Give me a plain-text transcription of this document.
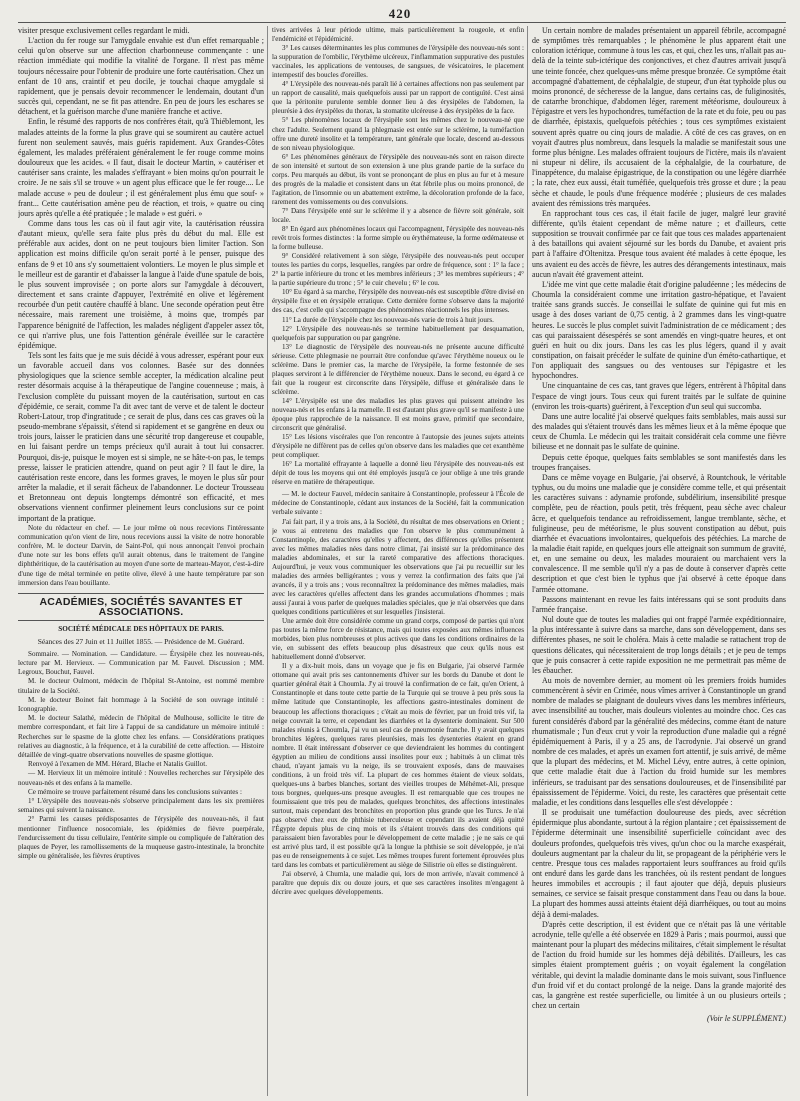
420

visiter presque exclusivement celles regardant le midi.

L'action du fer rouge sur l'amygdale envahie est d'un effet remarquable ; celui qu'on observe sur une affection charbonneuse commençante : une réaction immédiate qui modifie la vitalité de l'organe. Il n'est pas même toujours nécessaire pour l'obtenir de produire une forte cautérisation. Chez un enfant de 10 ans, craintif et peu docile, je touchai chaque amygdale si rapidement, que je pensais devoir recommencer le lendemain, doutant d'un succès qui, cependant, ne se fit pas attendre. En peu de jours les eschares se détachent, et la guérison marche d'une manière franche et active.

Enfin, le résumé des rapports de nos confrères était, qu'à Thiéblemont, les malades atteints de la forme la plus grave qui se soumirent au cautère actuel furent non seulement sauvés, mais guéris rapidement. Aux Grandes-Côtes également, les malades préféraient généralement le fer rouge comme moins douloureux que les acides. « Il faut, disait le docteur Martin, » cautériser et cautériser sans crainte, les malades s'effrayant » bien moins qu'on pourrait le croire. Je ne sais s'il se trouve » un agent plus efficace que le fer rouge.... Le malade accuse » peu de douleur ; il est généralement plus ému que souf- » frant... Cette cautérisation amène peu de réaction, et trois, » quatre ou cinq jours après qu'elle a été pratiquée ; le malade » est guéri. »

Comme dans tous les cas où il faut agir vite, la cautérisation réussira d'autant mieux, qu'elle sera faite plus près du début du mal. Elle est préférable aux acides, dont on ne peut toujours bien limiter l'action. Son application est moins difficile qu'on serait porté à le penser, puisque des enfans de 9 et 10 ans s'y soumettaient volontiers. Le moyen le plus simple et le meilleur est de garantir et d'abaisser la langue à l'aide d'une spatule de bois, le plus souvent improvisée ; on porte alors sur l'amygdale à découvert, directement et sans crainte d'appuyer, l'extrémité en olive et légèrement recourbée d'un petit cautère chauffé à blanc. Une seconde opération peut être nécessaire, mais rarement une troisième, à moins que, trompés par l'apparence bénignité de l'affection, les malades négligent d'appeler assez tôt, ce qui n'arrive plus, une fois l'attention générale éveillée sur le caractère épidémique.

Tels sont les faits que je me suis décidé à vous adresser, espérant pour eux un favorable accueil dans vos colonnes. Basée sur des données physiologiques que la science semble accepter, la médication alcaline peut rester désormais acquise à la thérapeutique de l'angine couenneuse ; mais, à l'exclusion complète du puissant moyen de la cautérisation, surtout en cas d'épidémie, ce serait, comme l'a dit avec tant de verve et de talent le docteur Robert-Latour, trop d'ingratitude ; ce serait de plus, dans ces cas graves où la pseudo-membrane s'épaissit, s'étend si rapidement et se gangrène en deux ou trois jours, laisser le praticien dans une sécurité trop dangereuse et coupable, en lui faisant perdre un temps précieux qu'il aurait à tout lui consacrer. Pourquoi, dis-je, puisque le moyen est si simple, ne se hâte-t-on pas, le temps presse, laisser le praticien attendre, quand on peut agir ? Il faut le dire, la cautérisation reste encore, dans les formes graves, le moyen le plus sûr pour arrêter la maladie, et il serait fâcheux de l'abandonner. Le docteur Trousseau et Bretonneau ont depuis longtemps démontré son efficacité, et mes observations viennent confirmer pleinement leurs conclusions sur ce point important de la pratique.

Note du rédacteur en chef. — Le jour même où nous recevions l'intéressante communication qu'on vient de lire, nous recevions aussi la visite de notre honorable confrère, M. le docteur Darvin, de Saint-Pol, qui nous annonçait l'envoi prochain d'une note sur les bons effets qu'il aurait obtenus, dans le traitement de l'angine diphthéritique, de la cautérisation au moyen d'une sorte de marteau-Mayor, c'est-à-dire d'une tige de métal terminée en petite olive, élevé à une haute température par son immersion dans l'eau bouillante.

ACADÉMIES, SOCIÉTÉS SAVANTES ET ASSOCIATIONS.

SOCIÉTÉ MÉDICALE DES HÔPITAUX DE PARIS.

Séances des 27 Juin et 11 Juillet 1855. — Présidence de M. Guérard.

Sommaire. — Nomination. — Candidature. — Érysipèle chez les nouveau-nés, lecture par M. Hervieux. — Communication par M. Fauvel. Discussion ; MM. Legroux, Bouchut, Fauvel.

M. le docteur Oulmont, médecin de l'hôpital St-Antoine, est nommé membre titulaire de la Société.

M. le docteur Boinet fait hommage à la Société de son ouvrage intitulé : Iconographie.

M. le docteur Salathé, médecin de l'hôpital de Mulhouse, sollicite le titre de membre correspondant, et fait lire à l'appui de sa candidature un mémoire intitulé : Recherches sur le spasme de la glotte chez les enfans. — Considérations pratiques relatives au diagnostic, à la fréquence, et à la curabilité de cette affection. — Histoire détaillée de vingt-quatre observations nouvelles de spasme glottique.

Renvoyé à l'examen de MM. Hérard, Blache et Natalis Guillot.

— M. Hervieux lit un mémoire intitulé : Nouvelles recherches sur l'érysipèle des nouveau-nés et des enfans à la mamelle.

Ce mémoire se trouve parfaitement résumé dans les conclusions suivantes :

1° L'érysipèle des nouveau-nés s'observe principalement dans les six premières semaines qui suivent la naissance.

2° Parmi les causes prédisposantes de l'érysipèle des nouveau-nés, il faut mentionner l'influence nosocomiale, les épidémies de fièvre puerpérale, l'endurcissement du tissu cellulaire, l'entérite simple ou compliquée de l'altération des plaques de Peyer, les ramollissements de la muqueuse gastro-intestinale, la bronchite simple ou généralisée, les fièvres éruptives

tives arrivées à leur période ultime, mais particulièrement la rougeole, et enfin l'endémicité et l'épidémicité.

3° Les causes déterminantes les plus communes de l'érysipèle des nouveau-nés sont : la suppuration de l'ombilic, l'érythème ulcéreux, l'inflammation suppurative des pustules vaccinales, les applications de ventouses, de sangsues, de vésicatoires, le placement intempestif des boucles d'oreilles.

4° L'érysipèle des nouveau-nés paraît lié à certaines affections non pas seulement par un rapport de causalité, mais quelquefois aussi par un rapport de contiguïté. C'est ainsi que la péritonite purulente semble donner lieu à des érysipèles de l'abdomen, la pleurésie à des érysipèles du thorax, la stomatite ulcéreuse à des érysipèles de la face.

5° Les phénomènes locaux de l'érysipèle sont les mêmes chez le nouveau-né que chez l'adulte. Seulement quand la phlegmasie est entée sur le sclérème, la tuméfaction offre une dureté insolite et la température, tant générale que locale, descend au-dessous de son niveau physiologique.

6° Les phénomènes généraux de l'érysipèle des nouveau-nés sont en raison directe de son intensité et surtout de son extension à une plus grande partie de la surface du corps. Peu marqués au début, ils vont se prononçant de plus en plus au fur et à mesure des progrès de la maladie et consistent dans un état fébrile plus ou moins prononcé, de l'agitation, de l'insomnie ou un abattement extrême, la décoloration profonde de la face, rarement des vomissements ou des convulsions.

7° Dans l'érysipèle enté sur le sclérème il y a absence de fièvre soit générale, soit locale.

8° En égard aux phénomènes locaux qui l'accompagnent, l'érysipèle des nouveau-nés revêt trois formes distinctes : la forme simple ou érythémateuse, la forme œdémateuse et la forme bulleuse.

9° Considéré relativement à son siège, l'érysipèle des nouveau-nés peut occuper toutes les parties du corps, lesquelles, rangées par ordre de fréquence, sont : 1° la face ; 2° la partie inférieure du tronc et les membres inférieurs ; 3° les membres supérieurs ; 4° la partie supérieure du tronc ; 5° le cuir chevelu ; 6° le cou.

10° Eu égard à sa marche, l'érysipèle des nouveau-nés est susceptible d'être divisé en érysipèle fixe et en érysipèle erratique. Cette dernière forme s'observe dans la majorité des cas, c'est celle qui s'accompagne des phénomènes réactionnels les plus intenses.

11° La durée de l'érysipèle chez les nouveau-nés varie de trois à huit jours.

12° L'érysipèle des nouveau-nés se termine habituellement par desquamation, quelquefois par suppuration ou par gangrène.

13° Le diagnostic de l'érysipèle des nouveau-nés ne présente aucune difficulté sérieuse. Cette phlegmasie ne pourrait être confondue qu'avec l'érythème noueux ou le sclérème. Dans le premier cas, la marche de l'érysipèle, la forme festonnée de ses plaques serviront à le différencier de l'érythème noueux. Dans le second, eu égard à ce fait que la rougeur est circonscrite dans l'érysipèle, diffuse et généralisée dans le sclérème.

14° L'érysipèle est une des maladies les plus graves qui puissent atteindre les nouveau-nés et les enfans à la mamelle. Il est d'autant plus grave qu'il se manifeste à une époque plus rapprochée de la naissance. Il est moins grave, primitif que secondaire, circonscrit que généralisé.

15° Les lésions viscérales que l'on rencontre à l'autopsie des jeunes sujets atteints d'érysipèle ne diffèrent pas de celles qu'on observe dans les maladies que cet exanthème peut compliquer.

16° La mortalité effrayante à laquelle a donné lieu l'érysipèle des nouveau-nés est dépit de tous les moyens qui ont été employés jusqu'à ce jour oblige à une très grande réserve en matière de thérapeutique.

— M. le docteur Fauvel, médecin sanitaire à Constantinople, professeur à l'École de médecine de Constantinople, cédant aux instances de la Société, fait la communication verbale suivante :

J'ai fait part, il y a trois ans, à la Société, du résultat de mes observations en Orient ; je vous ai entretenu des maladies que l'on observe le plus communément à Constantinople, des caractères qu'elles y affectent, des différences qu'elles présentent avec les mêmes maladies nées dans notre climat, j'ai insisté sur la prédominance des maladies abdominales, et sur la rareté comparative des affections thoraciques. Aujourd'hui, je veux vous communiquer les observations que j'ai pu recueillir sur les maladies des armées belligérantes ; vous y verrez la confirmation des faits que j'ai avancés, il y a trois ans ; vous reconnaîtrez la prédominance des mêmes maladies, mais avec les caractères qu'elles affectent dans les grandes accumulations d'hommes ; mais aussi j'aurai à vous parler de quelques maladies spéciales, que je n'ai observées que dans quelques conditions particulières et sur lesquelles j'insisterai.

Une armée doit être considérée comme un grand corps, composé de parties qui n'ont pas toutes la même force de résistance, mais qui toutes exposées aux mêmes influences morbides, bien plus nombreuses et plus actives que dans les conditions ordinaires de la vie, en subissent des effets beaucoup plus désastreux que ceux qu'ils nous est habituellement donné d'observer.

Il y a dix-huit mois, dans un voyage que je fis en Bulgarie, j'ai observé l'armée ottomane qui avait pris ses cantonnements d'hiver sur les bords du Danube et dont le quartier général était à Choumla. J'y ai trouvé la confirmation de ce fait, qu'en Orient, à Constantinople et dans toute cette partie de la Turquie qui se trouve à peu près sous la même latitude que Constantinople, les affections gastro-intestinales dominent de beaucoup les affections thoraciques ; c'était au mois de février, par un froid très vif, la neige couvrait la terre, et cependant les diarrhées et la dysenterie dominaient. Sur 500 malades réunis à Choumla, j'ai vu un seul cas de pneumonie franche. Il y avait quelques bronchites légères, quelques rares pleurésies, mais les dysenteries étaient en grand nombre. Il était intéressant d'observer ce que deviendraient les hommes du contingent égyptien au milieu de conditions aussi insolites pour eux ; habitués à un climat très chaud, n'ayant jamais vu la neige, ils se trouvaient exposés, dans de mauvaises conditions, à un froid très vif. La plupart de ces hommes étaient de vieux soldats, quelques-uns à barbes blanches, sortant des vieilles troupes de Méhémet-Ali, presque tous borgnes, quelques-uns presque aveugles. Il est remarquable que ces troupes ne fournissaient que très peu de malades, quelques bronchites, des affections intestinales surtout, mais cependant des bronchites en proportion plus grande que les Turcs. Je n'ai pas observé chez eux de phthisie tuberculeuse et cependant ils avaient déjà quitté l'Égypte depuis plus de cinq mois et ils s'étaient trouvés dans des conditions qui paraissaient bien favorables pour le développement de cette maladie ; je ne sais ce qui est arrivé plus tard, il est possible qu'à la longue la phthisie se soit développée, je n'ai pas eu de renseignements à ce sujet. Les mêmes troupes furent fortement éprouvées plus tard dans les combats et particulièrement au siège de Silistrie où elles se distinguèrent.

J'ai observé, à Chumla, une maladie qui, lors de mon arrivée, n'avait commencé à paraître que depuis dix ou douze jours, et que ses caractères insolites m'engagent à décrire avec quelques développements.

Un certain nombre de malades présentaient un appareil fébrile, accompagné de symptômes très remarquables ; le phénomène le plus apparent était une coloration ictérique, commune à tous les cas, et qui, chez les uns, n'allait pas au-delà de la teinte sub-ictérique des conjonctives, et chez d'autres arrivait jusqu'à une teinte foncée, chez quelques-uns même presque bronzée. Ce symptôme était accompagné d'abattement, de céphalalgie, de stupeur, d'un état typhoïde plus ou moins prononcé, de sécheresse de la langue, dans certains cas, de fuliginosités, de catarrhe bronchique, d'abdomen léger, rarement météorisme, douloureux à l'épigastre et vers les hypochondres, tuméfaction de la rate et du foie, peu ou pas de diarrhée, épistaxis, quelquefois pétéchies ; tous ces symptômes existaient souvent après quatre ou cinq jours de maladie. A côté de ces cas graves, on en voyait d'autres plus nombreux, dans lesquels la maladie se manifestait sous une forme plus bénigne. Les malades offraient toujours de l'ictère, mais ils n'avaient ni stupeur ni délire, ils accusaient de la céphalalgie, de la courbature, de l'inappétence, du malaise épigastrique, de la constipation ou une légère diarrhée ; la rate, chez eux aussi, était tuméfiée, quelquefois très grosse et dure ; la peau sèche et chaude, le pouls d'une fréquence modérée ; plusieurs de ces malades avaient des rémissions très marquées.

En rapprochant tous ces cas, il était facile de juger, malgré leur gravité différente, qu'ils étaient cependant de même nature ; et d'ailleurs, cette supposition se trouvait confirmée par ce fait que tous ces malades appartenaient à des bataillons qui avaient séjourné sur les bords du Danube, et avaient pris part à l'affaire d'Oltenitza. Presque tous avaient été malades à cette époque, les uns avaient eu des accès de fièvre, les autres des dérangements intestinaux, mais aucun n'avait été gravement atteint.

L'idée me vint que cette maladie était d'origine paludéenne ; les médecins de Choumla la considéraient comme une irritation gastro-hépatique, et l'avaient traitée sans grands succès. Je conseillai le sulfate de quinine qui fut mis en usage à des doses variant de 0,75 centig. à 2 grammes dans les vingt-quatre heures. Le succès le plus complet suivit l'administration de ce médicament ; des cas qui paraissaient désespérés se sont amendés en vingt-quatre heures, et ont guéri en huit ou dix jours. Dans les cas les plus légers, quand il y avait constipation, on faisait précéder le sulfate de quinine d'un éméto-cathartique, et l'on appliquait des sangsues ou des ventouses sur l'épigastre et les hypochondres.

Une cinquantaine de ces cas, tant graves que légers, entrèrent à l'hôpital dans l'espace de vingt jours. Tous ceux qui furent traités par le sulfate de quinine (environ les trois-quarts) guérirent, à l'exception d'un seul qui succomba.

Dans une autre localité j'ai observé quelques faits semblables, mais aussi sur des malades qui s'étaient trouvés dans les mêmes lieux et à la même époque que ceux de Chumla. Le médecin qui les traitait considérait cela comme une fièvre bilieuse et ne donnait pas le sulfate de quinine.

Depuis cette époque, quelques faits semblables se sont manifestés dans les troupes françaises.

Dans ce même voyage en Bulgarie, j'ai observé, à Rountchouk, le véritable typhus, ou du moins une maladie que je considère comme telle, et qui présentait les caractères suivans : adynamie profonde, subdélirium, insensibilité presque complète, peu de réaction, pouls petit, très fréquent, peau sèche avec chaleur âcre, et quelquefois tendance au refroidissement, langue tremblante, sèche, et fuligineuse, peu de météorisme, le plus souvent constipation au début, puis diarrhée et évacuations involontaires, quelquefois des pétéchies. La marche de la maladie était rapide, en quelques jours elle atteignait son summum de gravité, et, en une semaine ou deux, les malades mouraient ou marchaient vers la convalescence. Il me semble qu'il n'y a pas de doute à conserver d'après cette description et que c'est bien le typhus que j'ai observé à cette époque dans l'armée ottomane.

Passons maintenant en revue les faits intéressans qui se sont produits dans l'armée française.

Nul doute que de toutes les maladies qui ont frappé l'armée expéditionnaire, la plus intéressante à suivre dans sa marche, dans son développement, dans ses différentes phases, ne soit le choléra. Mais à cette maladie se rattachent trop de questions délicates, qui nécessiteraient de trop longs détails ; et je peu de temps que je puis consacrer à cette rapide exposition ne me permettrait pas même de les ébaucher.

Au mois de novembre dernier, au moment où les premiers froids humides commencèrent à sévir en Crimée, nous vîmes arriver à Constantinople un grand nombre de malades se plaignant de douleurs vives dans les membres inférieurs, avec insensibilité au toucher, mais douleurs violentes au moindre choc. Ces cas furent considérés d'abord par la généralité des médecins, comme étant de nature rhumatismale ; l'un d'eux crut y voir la reproduction d'une maladie qui a régné épidémiquement à Paris, il y a 25 ans, de l'acrodynie. J'ai observé un grand nombre de ces malades, et après un examen fort attentif, je suis arrivé, de même que la plupart des médecins, et M. Michel Lévy, entre autres, à cette opinion, que cette maladie était due à l'action du froid humide sur les membres inférieurs, se traduisant par des sensations douloureuses, et de l'insensibilité par épaississement de l'épiderme. Voici, du reste, les caractères que présentait cette maladie, et les conditions dans lesquelles elle s'est développée :

Il se produisait une tuméfaction douloureuse des pieds, avec sécrétion épidermique plus abondante, surtout à la région plantaire ; cet épaississement de l'épiderme déterminait une insensibilité superficielle coïncidant avec des douleurs profondes, quelquefois très vives, qu'un choc ou la marche exaspérait, douleurs augmentant par la chaleur du lit, se propageant de la périphérie vers le centre. Presque tous ces malades rapportaient leurs souffrances au froid qu'ils ont enduré dans les garde dans les tranchées, où ils restent pendant de longues heures immobiles et accroupis ; il faut ajouter que déjà, depuis plusieurs semaines, ce service se faisait presque constamment dans l'eau ou dans la boue. La plupart des hommes aussi atteints étaient déjà diarrhéiques, ou tout au moins déjà à demi-malades.

D'après cette description, il est évident que ce n'était pas là une véritable acrodynie, telle qu'elle a été observée en 1829 à Paris ; mais pourmoi, aussi que maintenant pour la plupart des médecins militaires, c'était simplement le résultat de l'action du froid humide sur les hommes déjà débilités. D'ailleurs, les cas simples étaient promptement guéris ; on voyait également la congélation véritable, qui devint la maladie dominante dans le mois suivant, sous l'influence d'un froid vif et du contact prolongé de la neige. Dans la grande majorité des cas, la gangrène est restée superficielle, ou limitée à un ou plusieurs orteils ; chez un certain

(Voir le SUPPLÉMENT.)
